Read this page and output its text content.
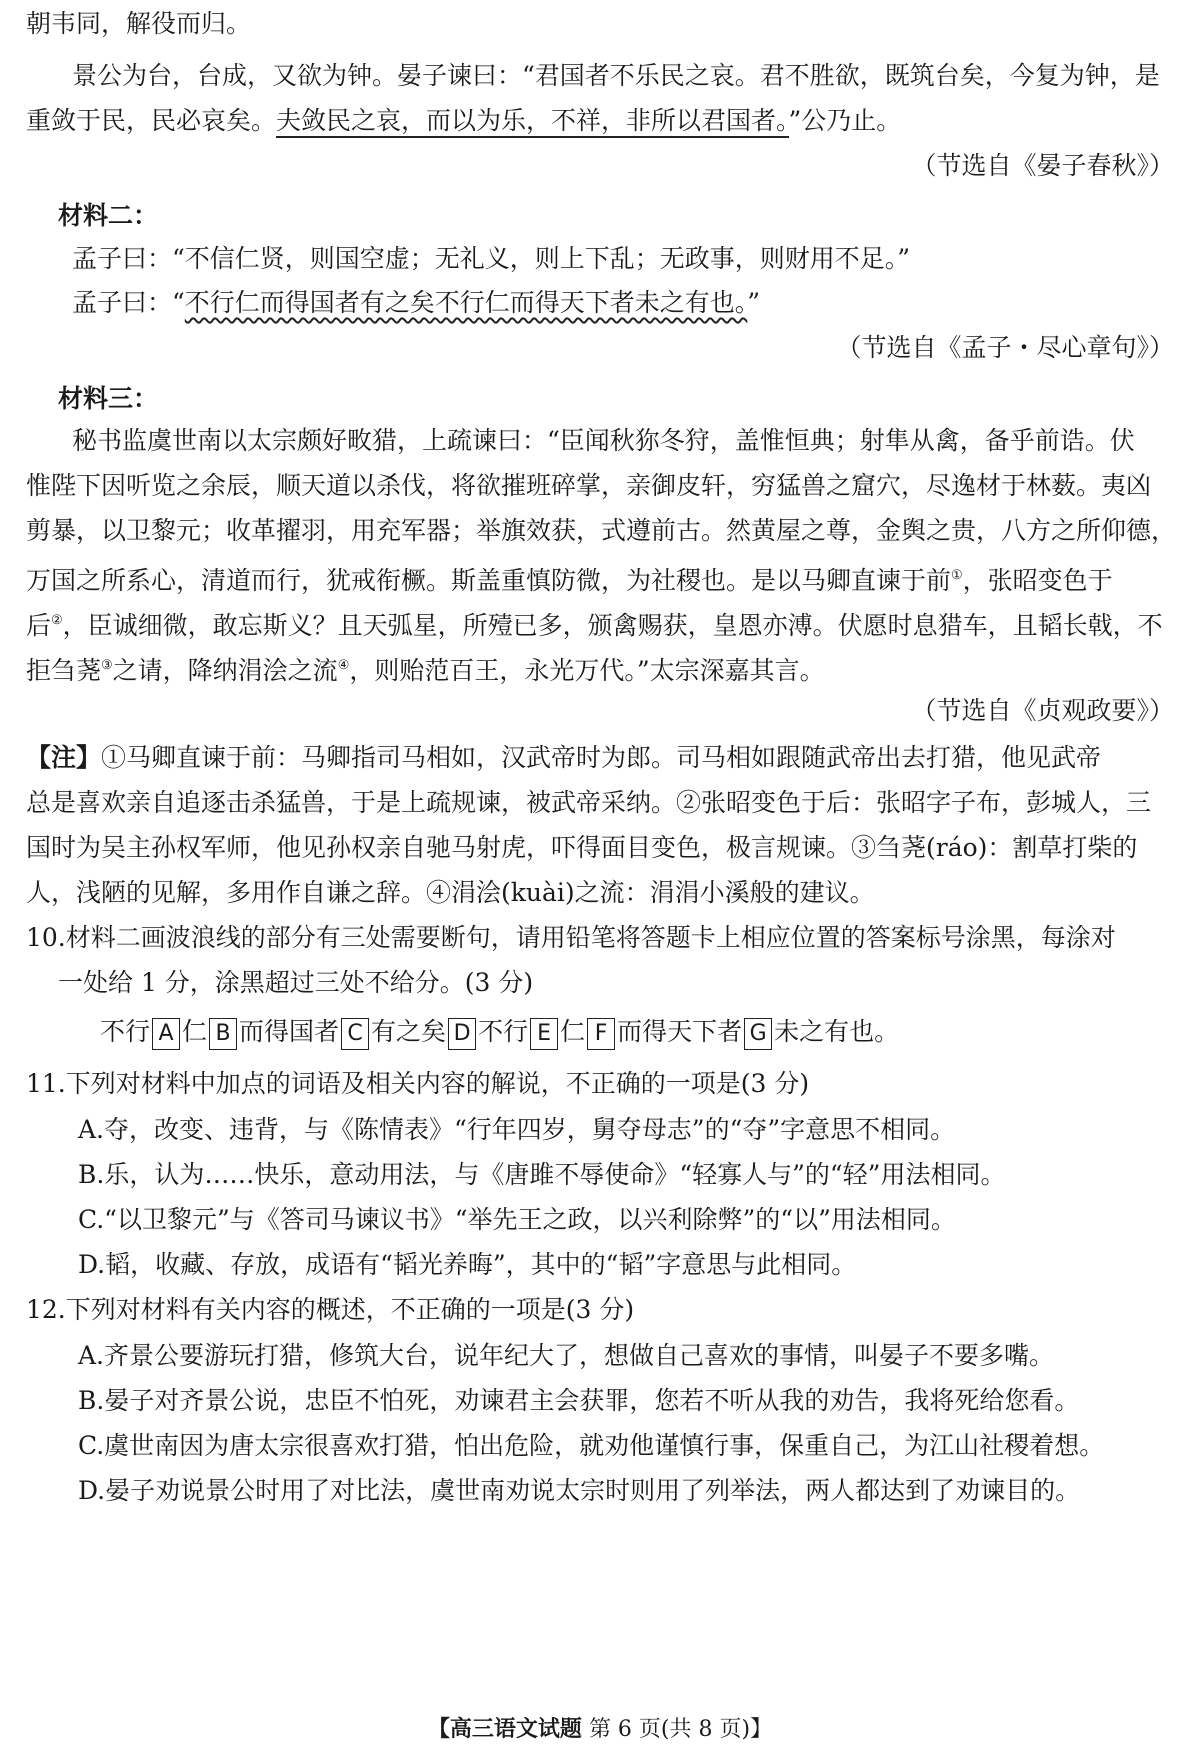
朝韦同，解役而归。
景公为台，台成，又欲为钟。晏子谏曰：“君国者不乐民之哀。君不胜欲，既筑台矣，今复为钟，是
重敛于民，民必哀矣。夫敛民之哀，而以为乐，不祥，非所以君国者。”公乃止。
（节选自《晏子春秋》）
材料二：
孟子曰：“不信仁贤，则国空虚；无礼义，则上下乱；无政事，则财用不足。”
孟子曰：“不行仁而得国者有之矣不行仁而得天下者未之有也。”
（节选自《孟子・尽心章句》）
材料三：
秘书监虞世南以太宗颇好畋猎，上疏谏曰：“臣闻秋狝冬狩，盖惟恒典；射隼从禽，备乎前诰。伏
惟陛下因听览之余辰，顺天道以杀伐，将欲摧班碎掌，亲御皮轩，穷猛兽之窟穴，尽逸材于林薮。夷凶
剪暴，以卫黎元；收革擢羽，用充军器；举旗效获，式遵前古。然黄屋之尊，金舆之贵，八方之所仰德，
万国之所系心，清道而行，犹戒衔橛。斯盖重慎防微，为社稷也。是以马卿直谏于前①，张昭变色于
后②，臣诚细微，敢忘斯义？且天弧星，所殪已多，颁禽赐获，皇恩亦溥。伏愿时息猎车，且韬长戟，不
拒刍荛③之请，降纳涓浍之流④，则贻范百王，永光万代。”太宗深嘉其言。
（节选自《贞观政要》）
【注】①马卿直谏于前：马卿指司马相如，汉武帝时为郎。司马相如跟随武帝出去打猎，他见武帝
总是喜欢亲自追逐击杀猛兽，于是上疏规谏，被武帝采纳。②张昭变色于后：张昭字子布，彭城人，三
国时为吴主孙权军师，他见孙权亲自驰马射虎，吓得面目变色，极言规谏。③刍荛(ráo)：割草打柴的
人，浅陋的见解，多用作自谦之辞。④涓浍(kuài)之流：涓涓小溪般的建议。
10.材料二画波浪线的部分有三处需要断句，请用铅笔将答题卡上相应位置的答案标号涂黑，每涂对
一处给 1 分，涂黑超过三处不给分。(3 分)
不行 A 仁 B 而得国者 C 有之矣 D 不行 E 仁 F 而得天下者 G 未之有也。
11.下列对材料中加点的词语及相关内容的解说，不正确的一项是(3 分)
A.夺，改变、违背，与《陈情表》“行年四岁，舅夺母志”的“夺”字意思不相同。
B.乐，认为……快乐，意动用法，与《唐雎不辱使命》“轻寡人与”的“轻”用法相同。
C.“以卫黎元”与《答司马谏议书》“举先王之政，以兴利除弊”的“以”用法相同。
D.韬，收藏、存放，成语有“韬光养晦”，其中的“韬”字意思与此相同。
12.下列对材料有关内容的概述，不正确的一项是(3 分)
A.齐景公要游玩打猎，修筑大台，说年纪大了，想做自己喜欢的事情，叫晏子不要多嘴。
B.晏子对齐景公说，忠臣不怕死，劝谏君主会获罪，您若不听从我的劝告，我将死给您看。
C.虞世南因为唐太宗很喜欢打猎，怕出危险，就劝他谨慎行事，保重自己，为江山社稷着想。
D.晏子劝说景公时用了对比法，虞世南劝说太宗时则用了列举法，两人都达到了劝谏目的。
【高三语文试题 第 6 页(共 8 页)】
